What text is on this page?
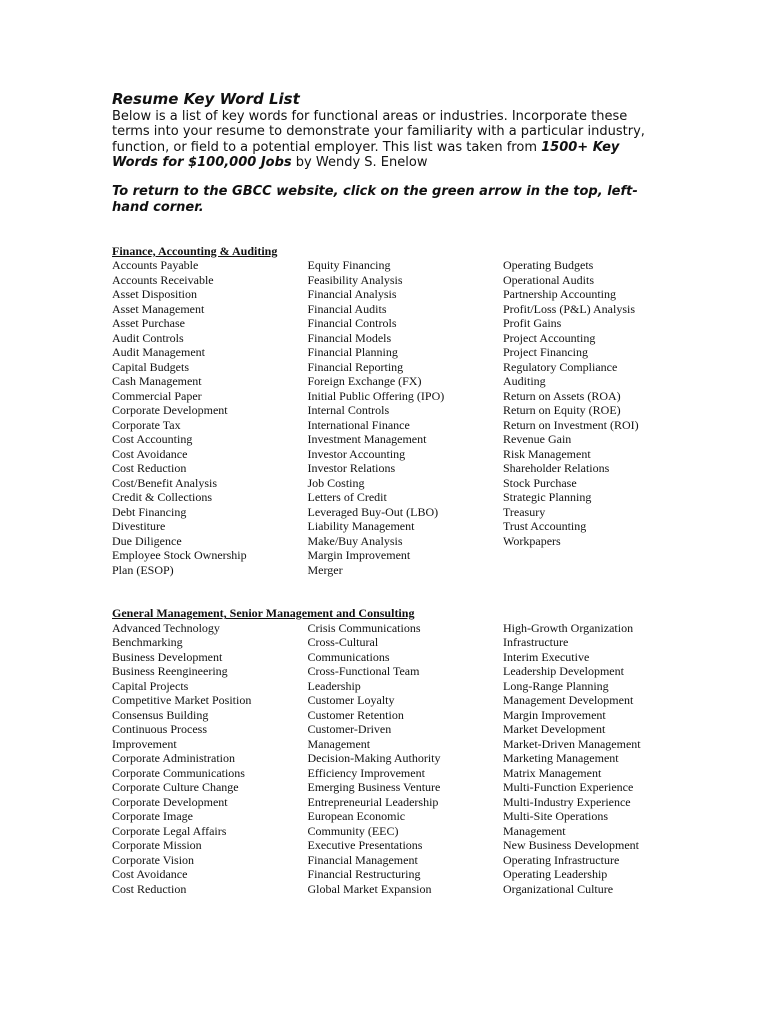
Resume Key Word List

Below is a list of key words for functional areas or industries. Incorporate these terms into your resume to demonstrate your familiarity with a particular industry, function, or field to a potential employer. This list was taken from 1500+ Key Words for $100,000 Jobs by Wendy S. Enelow

To return to the GBCC website, click on the green arrow in the top, left-hand corner.

Finance, Accounting & Auditing

Accounts Payable
Accounts Receivable
Asset Disposition
Asset Management
Asset Purchase
Audit Controls
Audit Management
Capital Budgets
Cash Management
Commercial Paper
Corporate Development
Corporate Tax
Cost Accounting
Cost Avoidance
Cost Reduction
Cost/Benefit Analysis
Credit & Collections
Debt Financing
Divestiture
Due Diligence
Employee Stock Ownership
Plan (ESOP)
Equity Financing
Feasibility Analysis
Financial Analysis
Financial Audits
Financial Controls
Financial Models
Financial Planning
Financial Reporting
Foreign Exchange (FX)
Initial Public Offering (IPO)
Internal Controls
International Finance
Investment Management
Investor Accounting
Investor Relations
Job Costing
Letters of Credit
Leveraged Buy-Out (LBO)
Liability Management
Make/Buy Analysis
Margin Improvement
Merger
Operating Budgets
Operational Audits
Partnership Accounting
Profit/Loss (P&L) Analysis
Profit Gains
Project Accounting
Project Financing
Regulatory Compliance
Auditing
Return on Assets (ROA)
Return on Equity (ROE)
Return on Investment (ROI)
Revenue Gain
Risk Management
Shareholder Relations
Stock Purchase
Strategic Planning
Treasury
Trust Accounting
Workpapers

General Management, Senior Management and Consulting

Advanced Technology
Benchmarking
Business Development
Business Reengineering
Capital Projects
Competitive Market Position
Consensus Building
Continuous Process
Improvement
Corporate Administration
Corporate Communications
Corporate Culture Change
Corporate Development
Corporate Image
Corporate Legal Affairs
Corporate Mission
Corporate Vision
Cost Avoidance
Cost Reduction
Crisis Communications
Cross-Cultural
Communications
Cross-Functional Team
Leadership
Customer Loyalty
Customer Retention
Customer-Driven
Management
Decision-Making Authority
Efficiency Improvement
Emerging Business Venture
Entrepreneurial Leadership
European Economic
Community (EEC)
Executive Presentations
Financial Management
Financial Restructuring
Global Market Expansion
High-Growth Organization
Infrastructure
Interim Executive
Leadership Development
Long-Range Planning
Management Development
Margin Improvement
Market Development
Market-Driven Management
Marketing Management
Matrix Management
Multi-Function Experience
Multi-Industry Experience
Multi-Site Operations
Management
New Business Development
Operating Infrastructure
Operating Leadership
Organizational Culture
